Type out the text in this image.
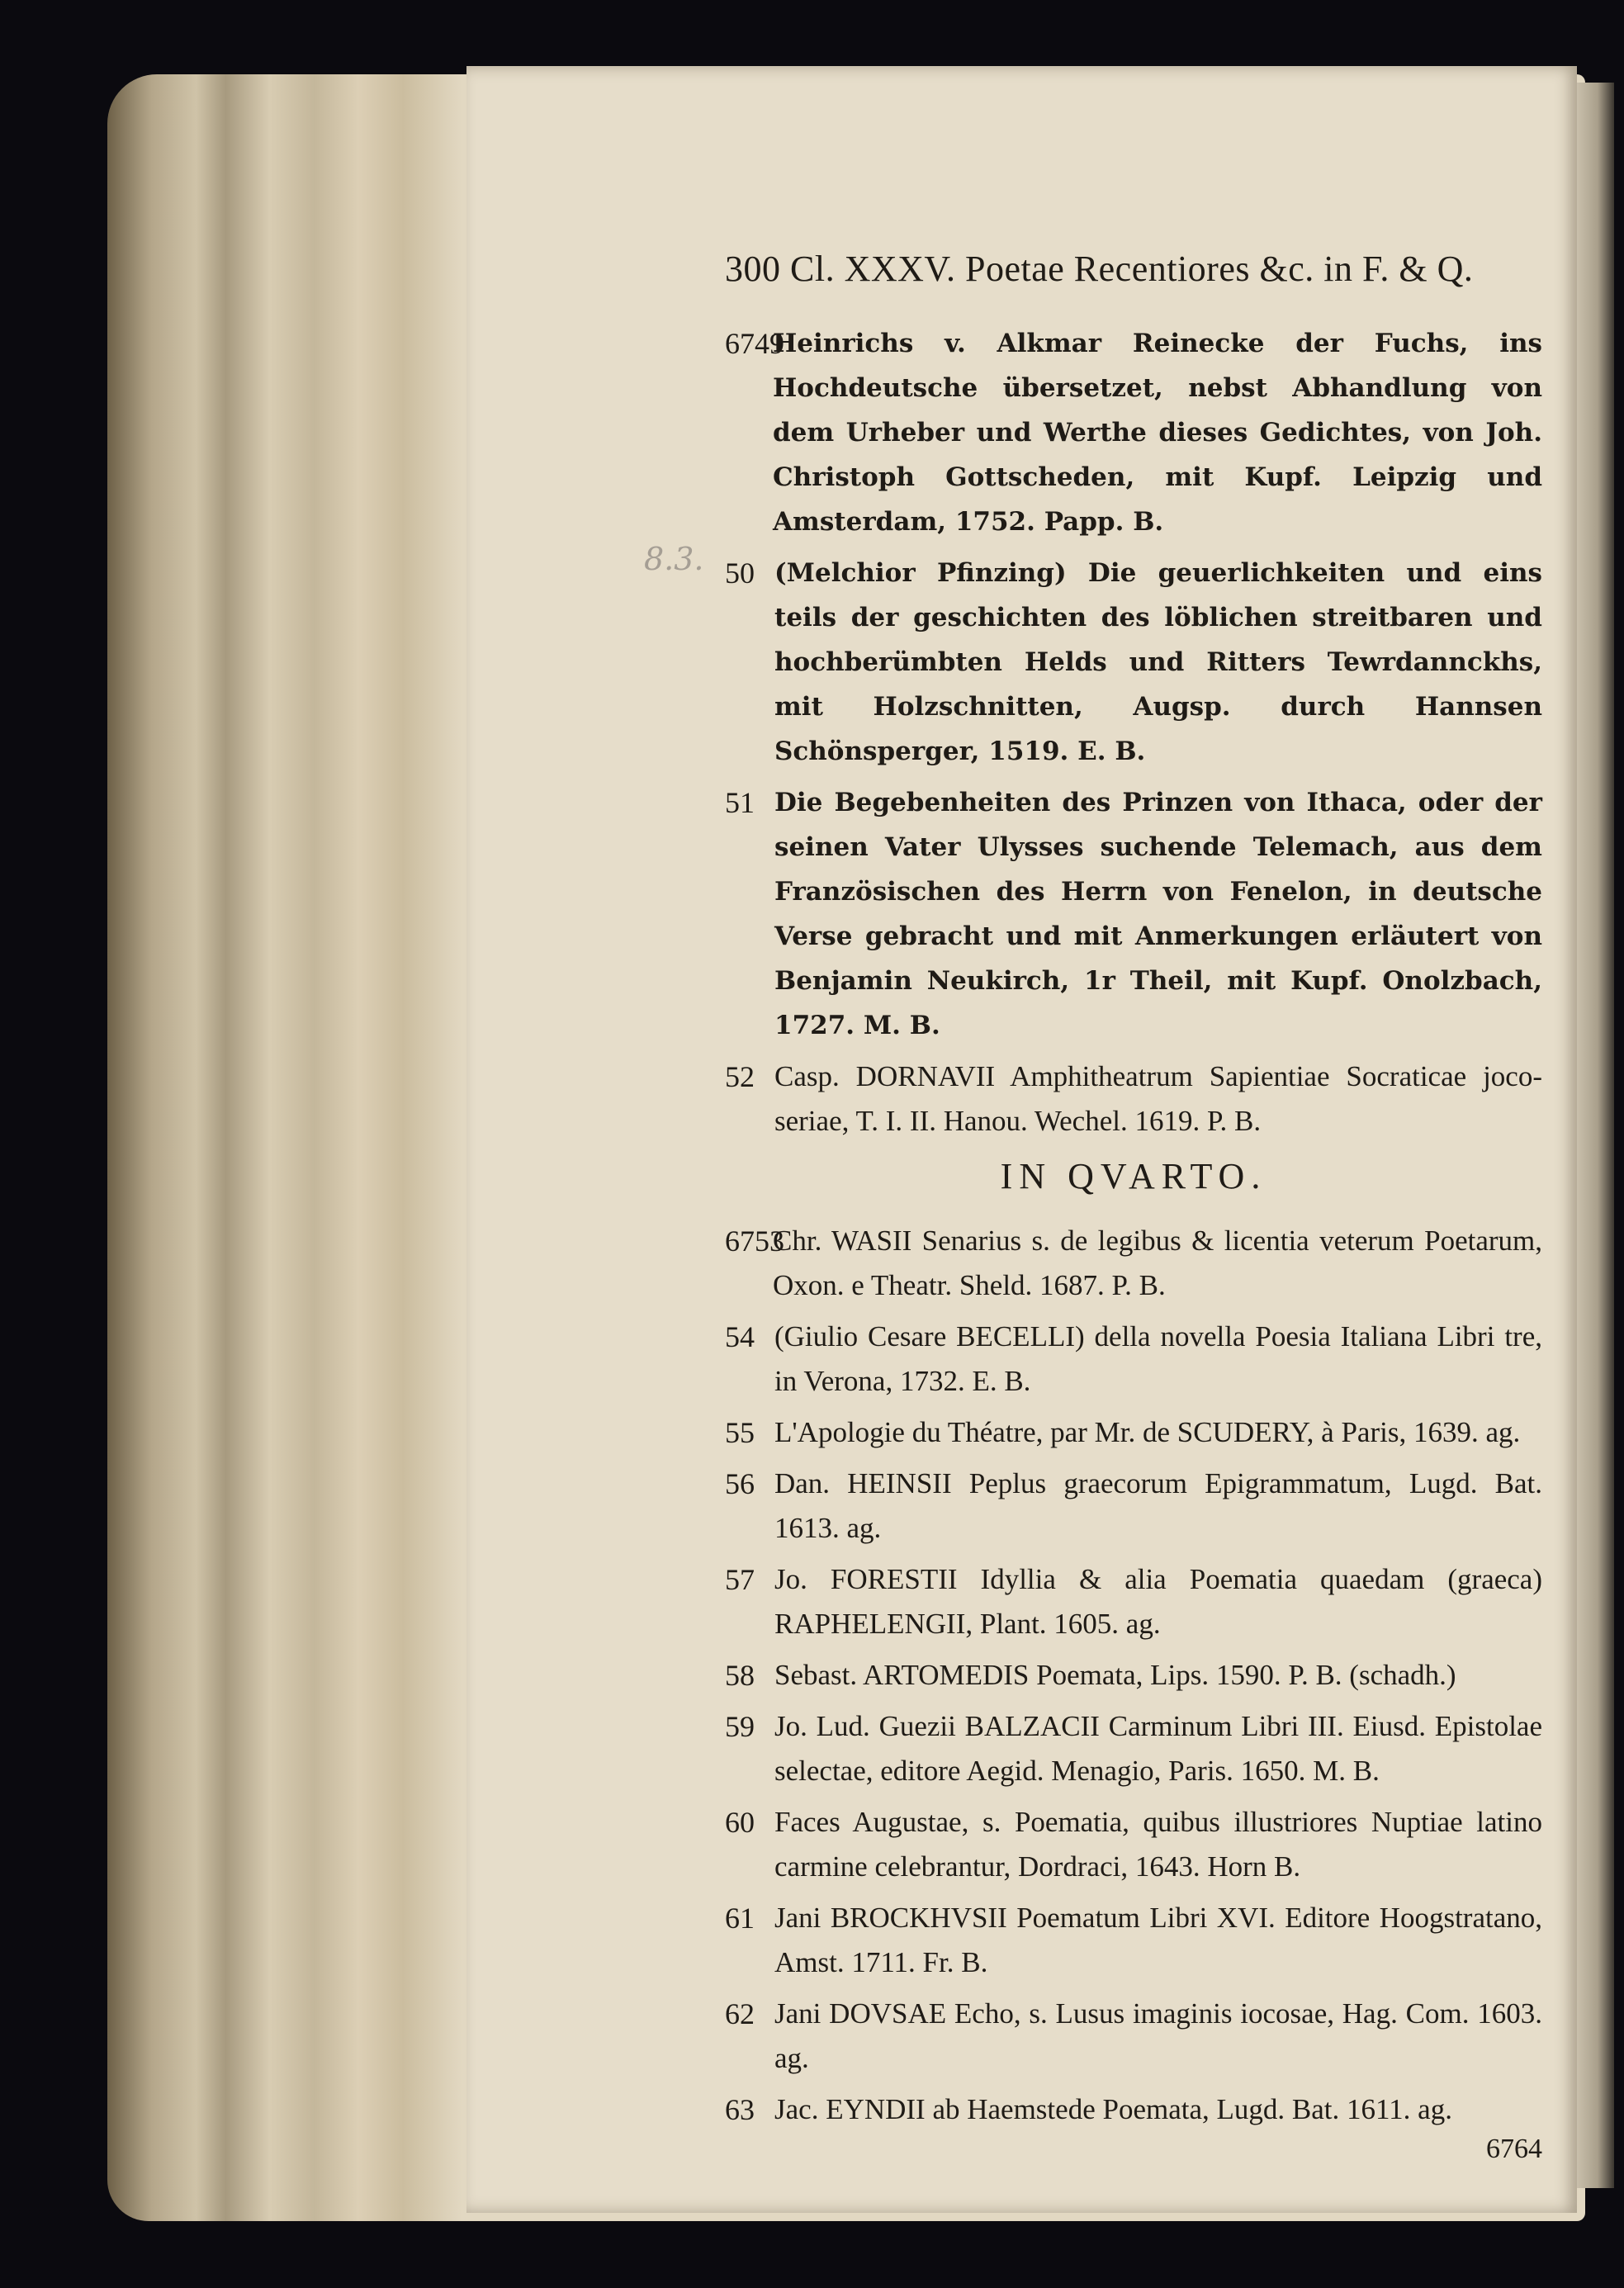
8.3.
300 Cl. XXXV. Poetae Recentiores &c. in F. & Q.
6749
Heinrichs v. Alkmar Reinecke der Fuchs, ins Hochdeutsche übersetzet, nebst Abhandlung von dem Urheber und Werthe dieses Gedichtes, von Joh. Christoph Gottscheden, mit Kupf. Leipzig und Amsterdam, 1752. Papp. B.
50 (Melchior Pfinzing) Die geuerlichkeiten und eins teils der geschichten des löblichen streitbaren und hochberümbten Helds und Ritters Tewrdannckhs, mit Holzschnitten, Augsp. durch Hannsen Schönsperger, 1519. E. B.
51 Die Begebenheiten des Prinzen von Ithaca, oder der seinen Vater Ulysses suchende Telemach, aus dem Französischen des Herrn von Fenelon, in deutsche Verse gebracht und mit Anmerkungen erläutert von Benjamin Neukirch, 1r Theil, mit Kupf. Onolzbach, 1727. M. B.
52 Casp. DORNAVII Amphitheatrum Sapientiae Socraticae joco-seriae, T. I. II. Hanou. Wechel. 1619. P. B.
IN QVARTO.
6753
Chr. WASII Senarius s. de legibus & licentia veterum Poetarum, Oxon. e Theatr. Sheld. 1687. P. B.
54 (Giulio Cesare BECELLI) della novella Poesia Italiana Libri tre, in Verona, 1732. E. B.
55 L'Apologie du Théatre, par Mr. de SCUDERY, à Paris, 1639. ag.
56 Dan. HEINSII Peplus graecorum Epigrammatum, Lugd. Bat. 1613. ag.
57 Jo. FORESTII Idyllia & alia Poematia quaedam (graeca) RAPHELENGII, Plant. 1605. ag.
58 Sebast. ARTOMEDIS Poemata, Lips. 1590. P. B. (schadh.)
59 Jo. Lud. Guezii BALZACII Carminum Libri III. Eiusd. Epistolae selectae, editore Aegid. Menagio, Paris. 1650. M. B.
60 Faces Augustae, s. Poematia, quibus illustriores Nuptiae latino carmine celebrantur, Dordraci, 1643. Horn B.
61 Jani BROCKHVSII Poematum Libri XVI. Editore Hoogstratano, Amst. 1711. Fr. B.
62 Jani DOVSAE Echo, s. Lusus imaginis iocosae, Hag. Com. 1603. ag.
63 Jac. EYNDII ab Haemstede Poemata, Lugd. Bat. 1611. ag.
6764
